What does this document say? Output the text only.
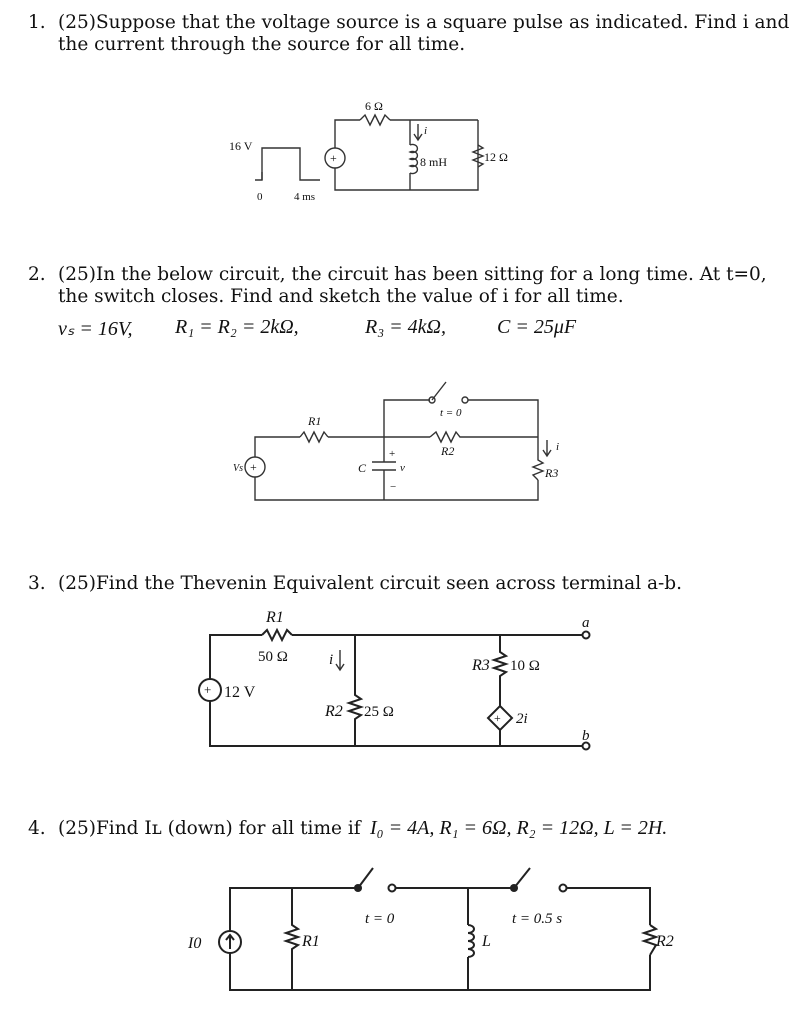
1. (25)Suppose that the voltage source is a square pulse as indicated. Find i and
the current through the source for all time.
2. (25)In the below circuit, the circuit has been sitting for a long time. At t=0,
the switch closes. Find and sketch the value of i for all time.
vₛ = 16V, R₁ = R₂ = 2kΩ,	R₃ = 4kΩ,	C = 25μF
3. (25)Find the Thevenin Equivalent circuit seen across terminal a-b.
4. (25)Find Iʟ (down) for all time if I₀ = 4A, R₁ = 6Ω, R₂ = 12Ω, L = 2H.
16 V
0	4 ms
+
6 Ω
8 mH
i
12 Ω
+
Vs
R1
C
+
v
−
t = 0
R2
R3
i
+ 12 V
R1
50 Ω
a
b
R2 25 Ω
i	R3 10 Ω
+ 2i
I0	R1
t = 0
L
t = 0.5 s
R2
